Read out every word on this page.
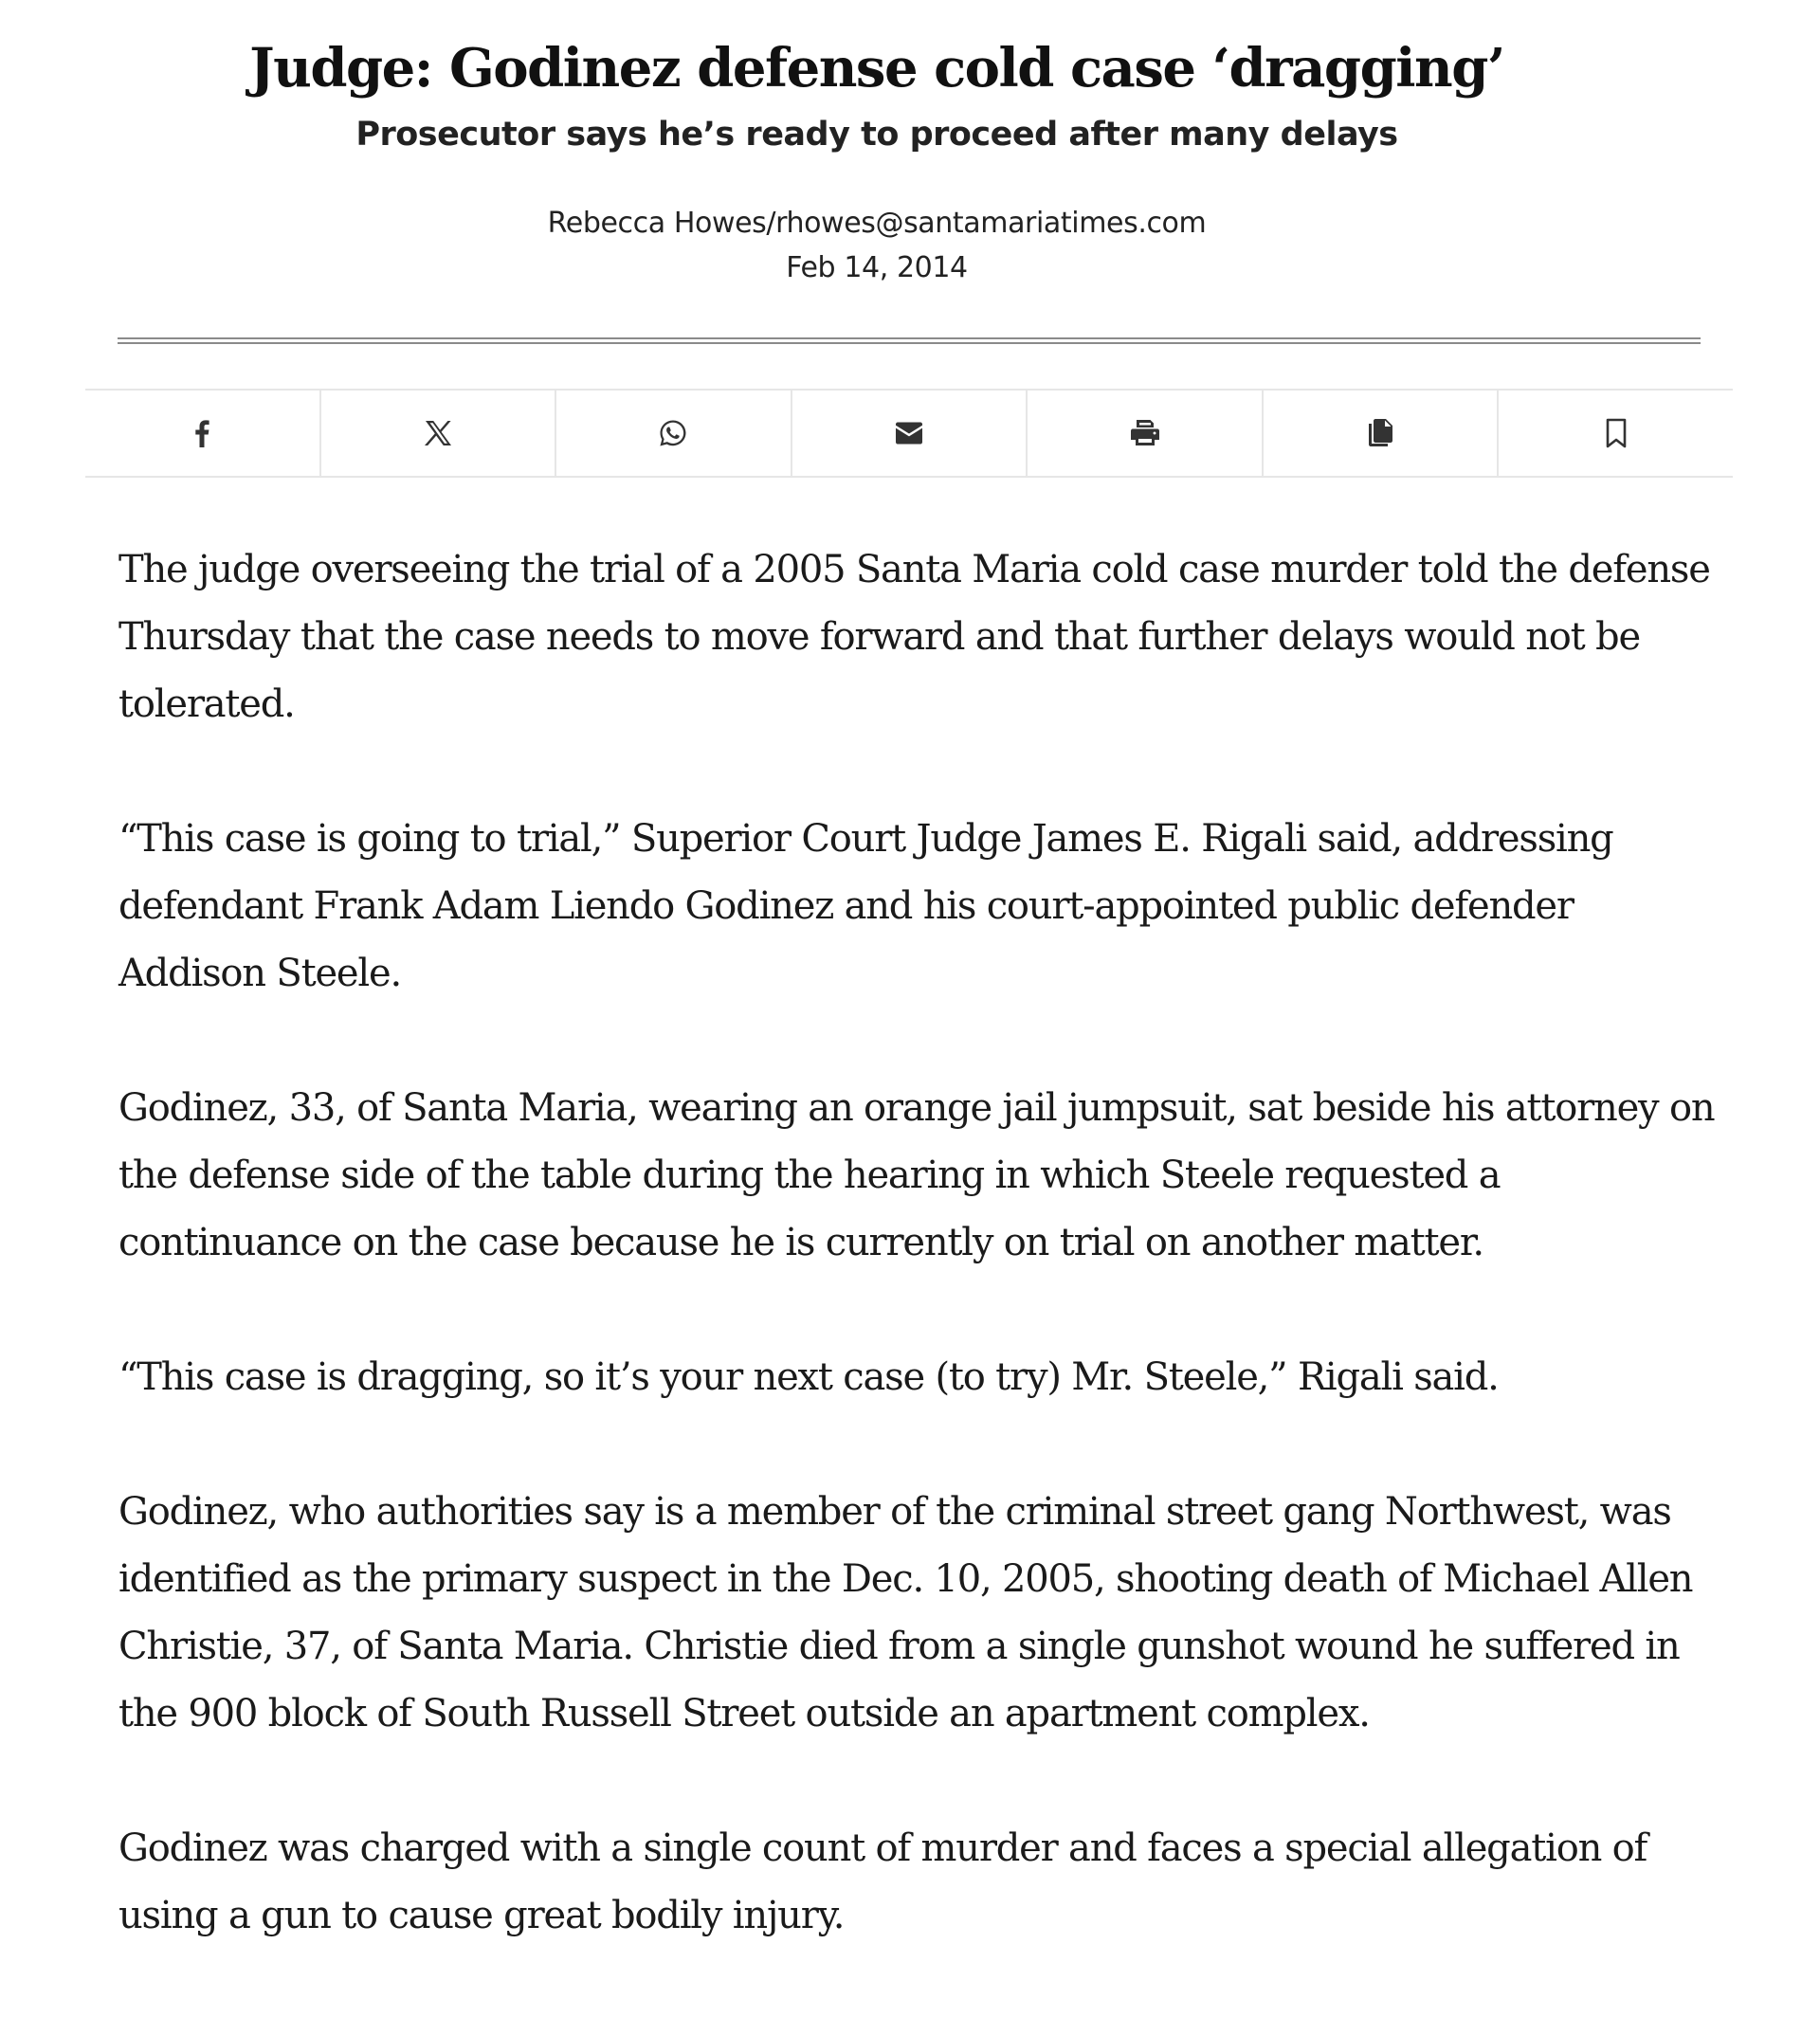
Judge: Godinez defense cold case ‘dragging’
Prosecutor says he’s ready to proceed after many delays
Rebecca Howes/rhowes@santamariatimes.com
Feb 14, 2014

The judge overseeing the trial of a 2005 Santa Maria cold case murder told the defense Thursday that the case needs to move forward and that further delays would not be tolerated.

“This case is going to trial,” Superior Court Judge James E. Rigali said, addressing defendant Frank Adam Liendo Godinez and his court-appointed public defender Addison Steele.

Godinez, 33, of Santa Maria, wearing an orange jail jumpsuit, sat beside his attorney on the defense side of the table during the hearing in which Steele requested a continuance on the case because he is currently on trial on another matter.

“This case is dragging, so it’s your next case (to try) Mr. Steele,” Rigali said.

Godinez, who authorities say is a member of the criminal street gang Northwest, was identified as the primary suspect in the Dec. 10, 2005, shooting death of Michael Allen Christie, 37, of Santa Maria. Christie died from a single gunshot wound he suffered in the 900 block of South Russell Street outside an apartment complex.

Godinez was charged with a single count of murder and faces a special allegation of using a gun to cause great bodily injury.
